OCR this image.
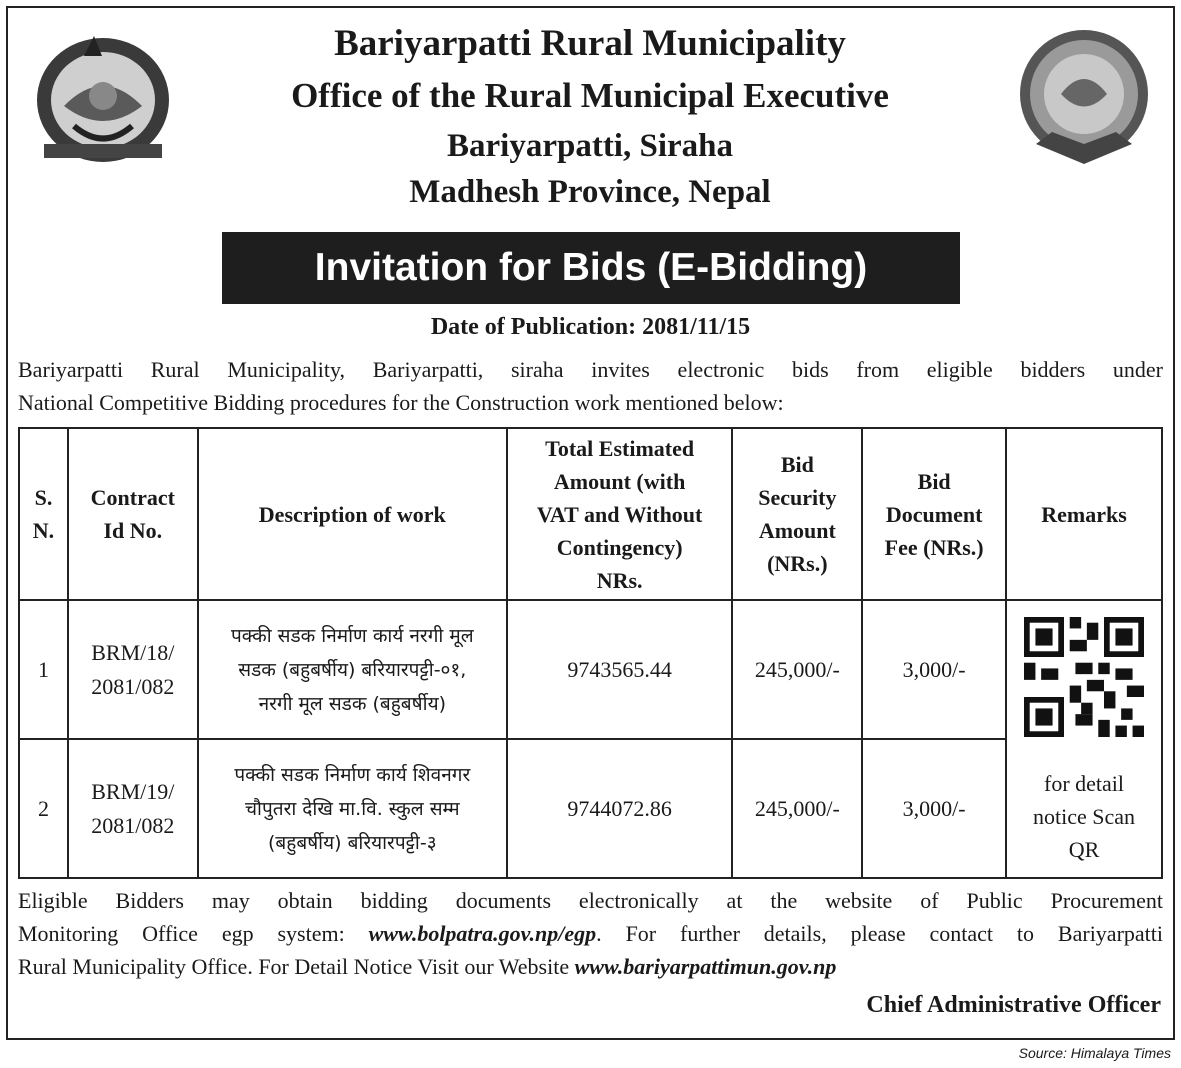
Bariyarpatti Rural Municipality
Office of the Rural Municipal Executive
Bariyarpatti, Siraha
Madhesh Province, Nepal
Invitation for Bids (E-Bidding)
Date of Publication: 2081/11/15
Bariyarpatti Rural Municipality, Bariyarpatti, siraha invites electronic bids from eligible bidders under
National Competitive Bidding procedures for the Construction work mentioned below:
S.
N.	Contract
Id No.	Description of work	Total Estimated
Amount (with
VAT and Without
Contingency)
NRs.	Bid
Security
Amount
(NRs.)	Bid
Document
Fee (NRs.)	Remarks
1	BRM/18/
2081/082	पक्की सडक निर्माण कार्य नरगी मूल
सडक (बहुबर्षीय) बरियारपट्टी-०१,
नरगी मूल सडक (बहुबर्षीय)	9743565.44	245,000/-	3,000/-	for detail
notice Scan
QR

2	BRM/19/
2081/082	पक्की सडक निर्माण कार्य शिवनगर
चौपुतरा देखि मा.वि. स्कुल सम्म
(बहुबर्षीय) बरियारपट्टी-३	9744072.86	245,000/-	3,000/-	
Eligible Bidders may obtain bidding documents electronically at the website of Public Procurement
Monitoring Office egp system: www.bolpatra.gov.np/egp. For further details, please contact to Bariyarpatti
Rural Municipality Office. For Detail Notice Visit our Website www.bariyarpattimun.gov.np
Chief Administrative Officer
Source: Himalaya Times
